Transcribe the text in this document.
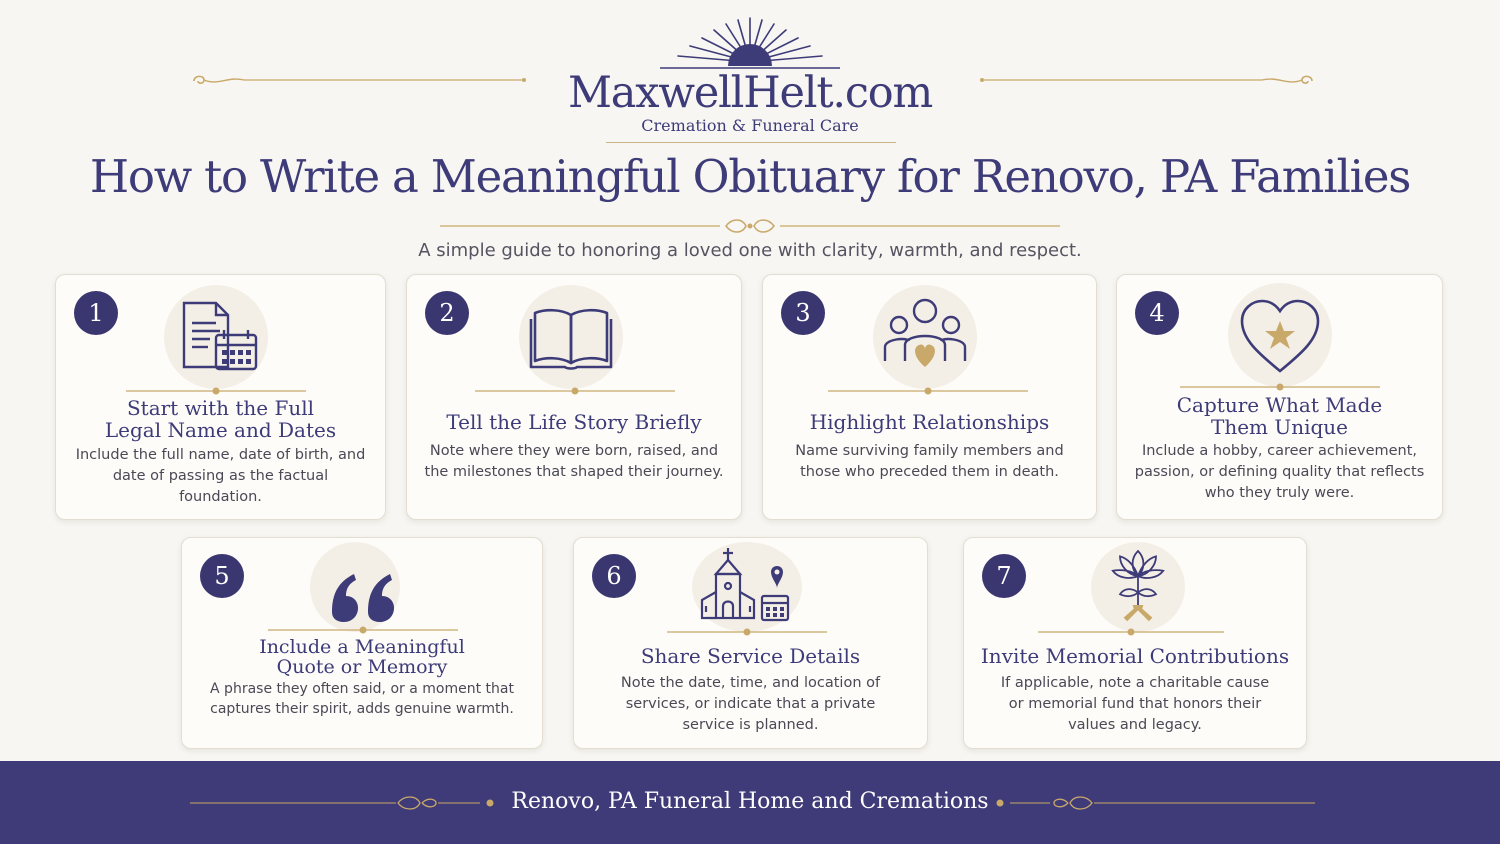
MaxwellHelt.com
Cremation & Funeral Care
How to Write a Meaningful Obituary for Renovo, PA Families

A simple guide to honoring a loved one with clarity, warmth, and respect.

1
Start with the Full
Legal Name and Dates
Include the full name, date of birth, and date of passing as the factual foundation.
2
Tell the Life Story Briefly
Note where they were born, raised, and the milestones that shaped their journey.
3
Highlight Relationships
Name surviving family members and those who preceded them in death.
4
Capture What Made
Them Unique
Include a hobby, career achievement, passion, or defining quality that reflects who they truly were.
5
Include a Meaningful
Quote or Memory
A phrase they often said, or a moment that captures their spirit, adds genuine warmth.
6
Share Service Details
Note the date, time, and location of services, or indicate that a private service is planned.
7
Invite Memorial Contributions
If applicable, note a charitable cause or memorial fund that honors their values and legacy.
Renovo, PA Funeral Home and Cremations
